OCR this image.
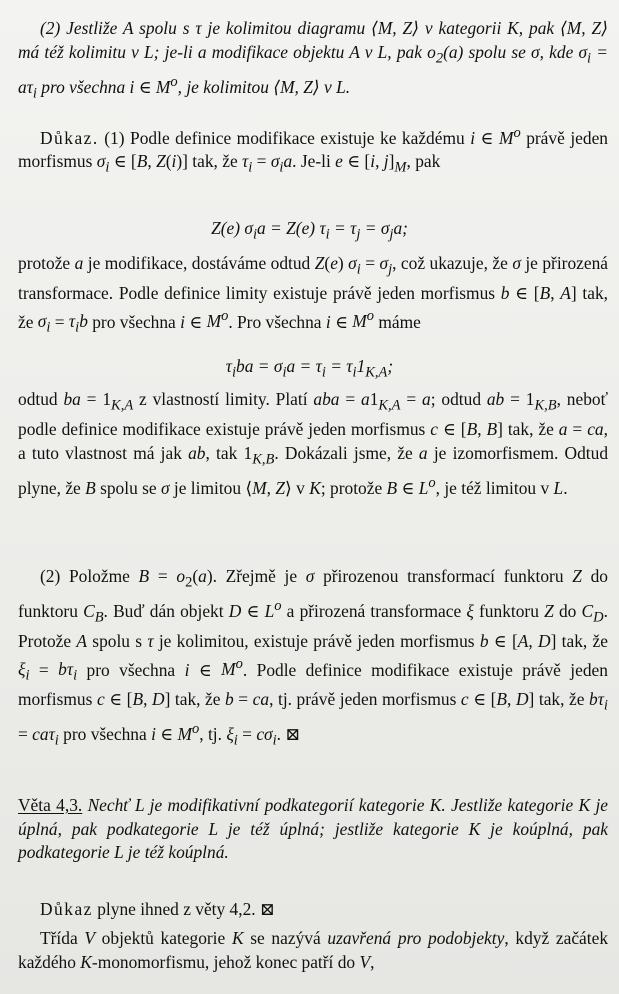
(2) Jestliže A spolu s τ je kolimitou diagramu ⟨M, Z⟩ v kategorii K, pak ⟨M, Z⟩ má též kolimitu v L; je-li a modifikace objektu A v L, pak $o_2(a)$ spolu se σ, kde $\sigma_i = a\tau_i$ pro všechna i ∈ $M^o$, je kolimitou ⟨M, Z⟩ v L.

Důkaz. (1) Podle definice modifikace existuje ke každému i ∈ $M^o$ právě jeden morfismus $\sigma_i$ ∈ [B, Z(i)] tak, že $\tau_i = \sigma_ia$. Je-li e ∈ [i, $j]_M$, pak

Z(e) $\sigma_ia = Z(e) \tau_i = \tau_j = \sigma_ja$;

protože a je modifikace, dostáváme odtud Z(e) $\sigma_i = \sigma_j$, což ukazuje, že σ je přirozená transformace. Podle definice limity existuje právě jeden morfismus b ∈ [B, A] tak, že $\sigma_i = \tau_ib$ pro všechna i ∈ $M^o$. Pro všechna i ∈ $M^o$ máme

$\tau_iba = \sigma_ia = \tau_i = \tau_i1_{K,A}$;

odtud ba = $1_{K,A}$ z vlastností limity. Platí aba = $a1_{K,A} = a$; odtud ab = $1_{K,B}$, neboť podle definice modifikace existuje právě jeden morfismus c ∈ [B, B] tak, že a = ca, a tuto vlastnost má jak ab, tak $1_{K,B}$. Dokázali jsme, že a je izomorfismem. Odtud plyne, že B spolu se σ je limitou ⟨M, Z⟩ v K; protože B ∈ $L^o$, je též limitou v L.

(2) Položme $B = o_2(a)$. Zřejmě je σ přirozenou transformací funktoru Z do funktoru $C_B$. Buď dán objekt D ∈ $L^o$ a přirozená transformace ξ funktoru Z do $C_D$. Protože A spolu s τ je kolimitou, existuje právě jeden morfismus b ∈ [A, D] tak, že $\xi_i = b\tau_i$ pro všechna i ∈ $M^o$. Podle definice modifikace existuje právě jeden morfismus c ∈ [B, D] tak, že b = ca, tj. právě jeden morfismus c ∈ [B, D] tak, že $b\tau_i = ca\tau_i$ pro všechna i ∈ $M^o$, tj. $\xi_i = c\sigma_i$. ⊠

Věta 4,3. Nechť L je modifikativní podkategorií kategorie K. Jestliže kategorie K je úplná, pak podkategorie L je též úplná; jestliže kategorie K je koúplná, pak podkategorie L je též koúplná.

Důkaz plyne ihned z věty 4,2. ⊠

Třída V objektů kategorie K se nazývá uzavřená pro podobjekty, když začátek každého K-monomorfismu, jehož konec patří do V,
